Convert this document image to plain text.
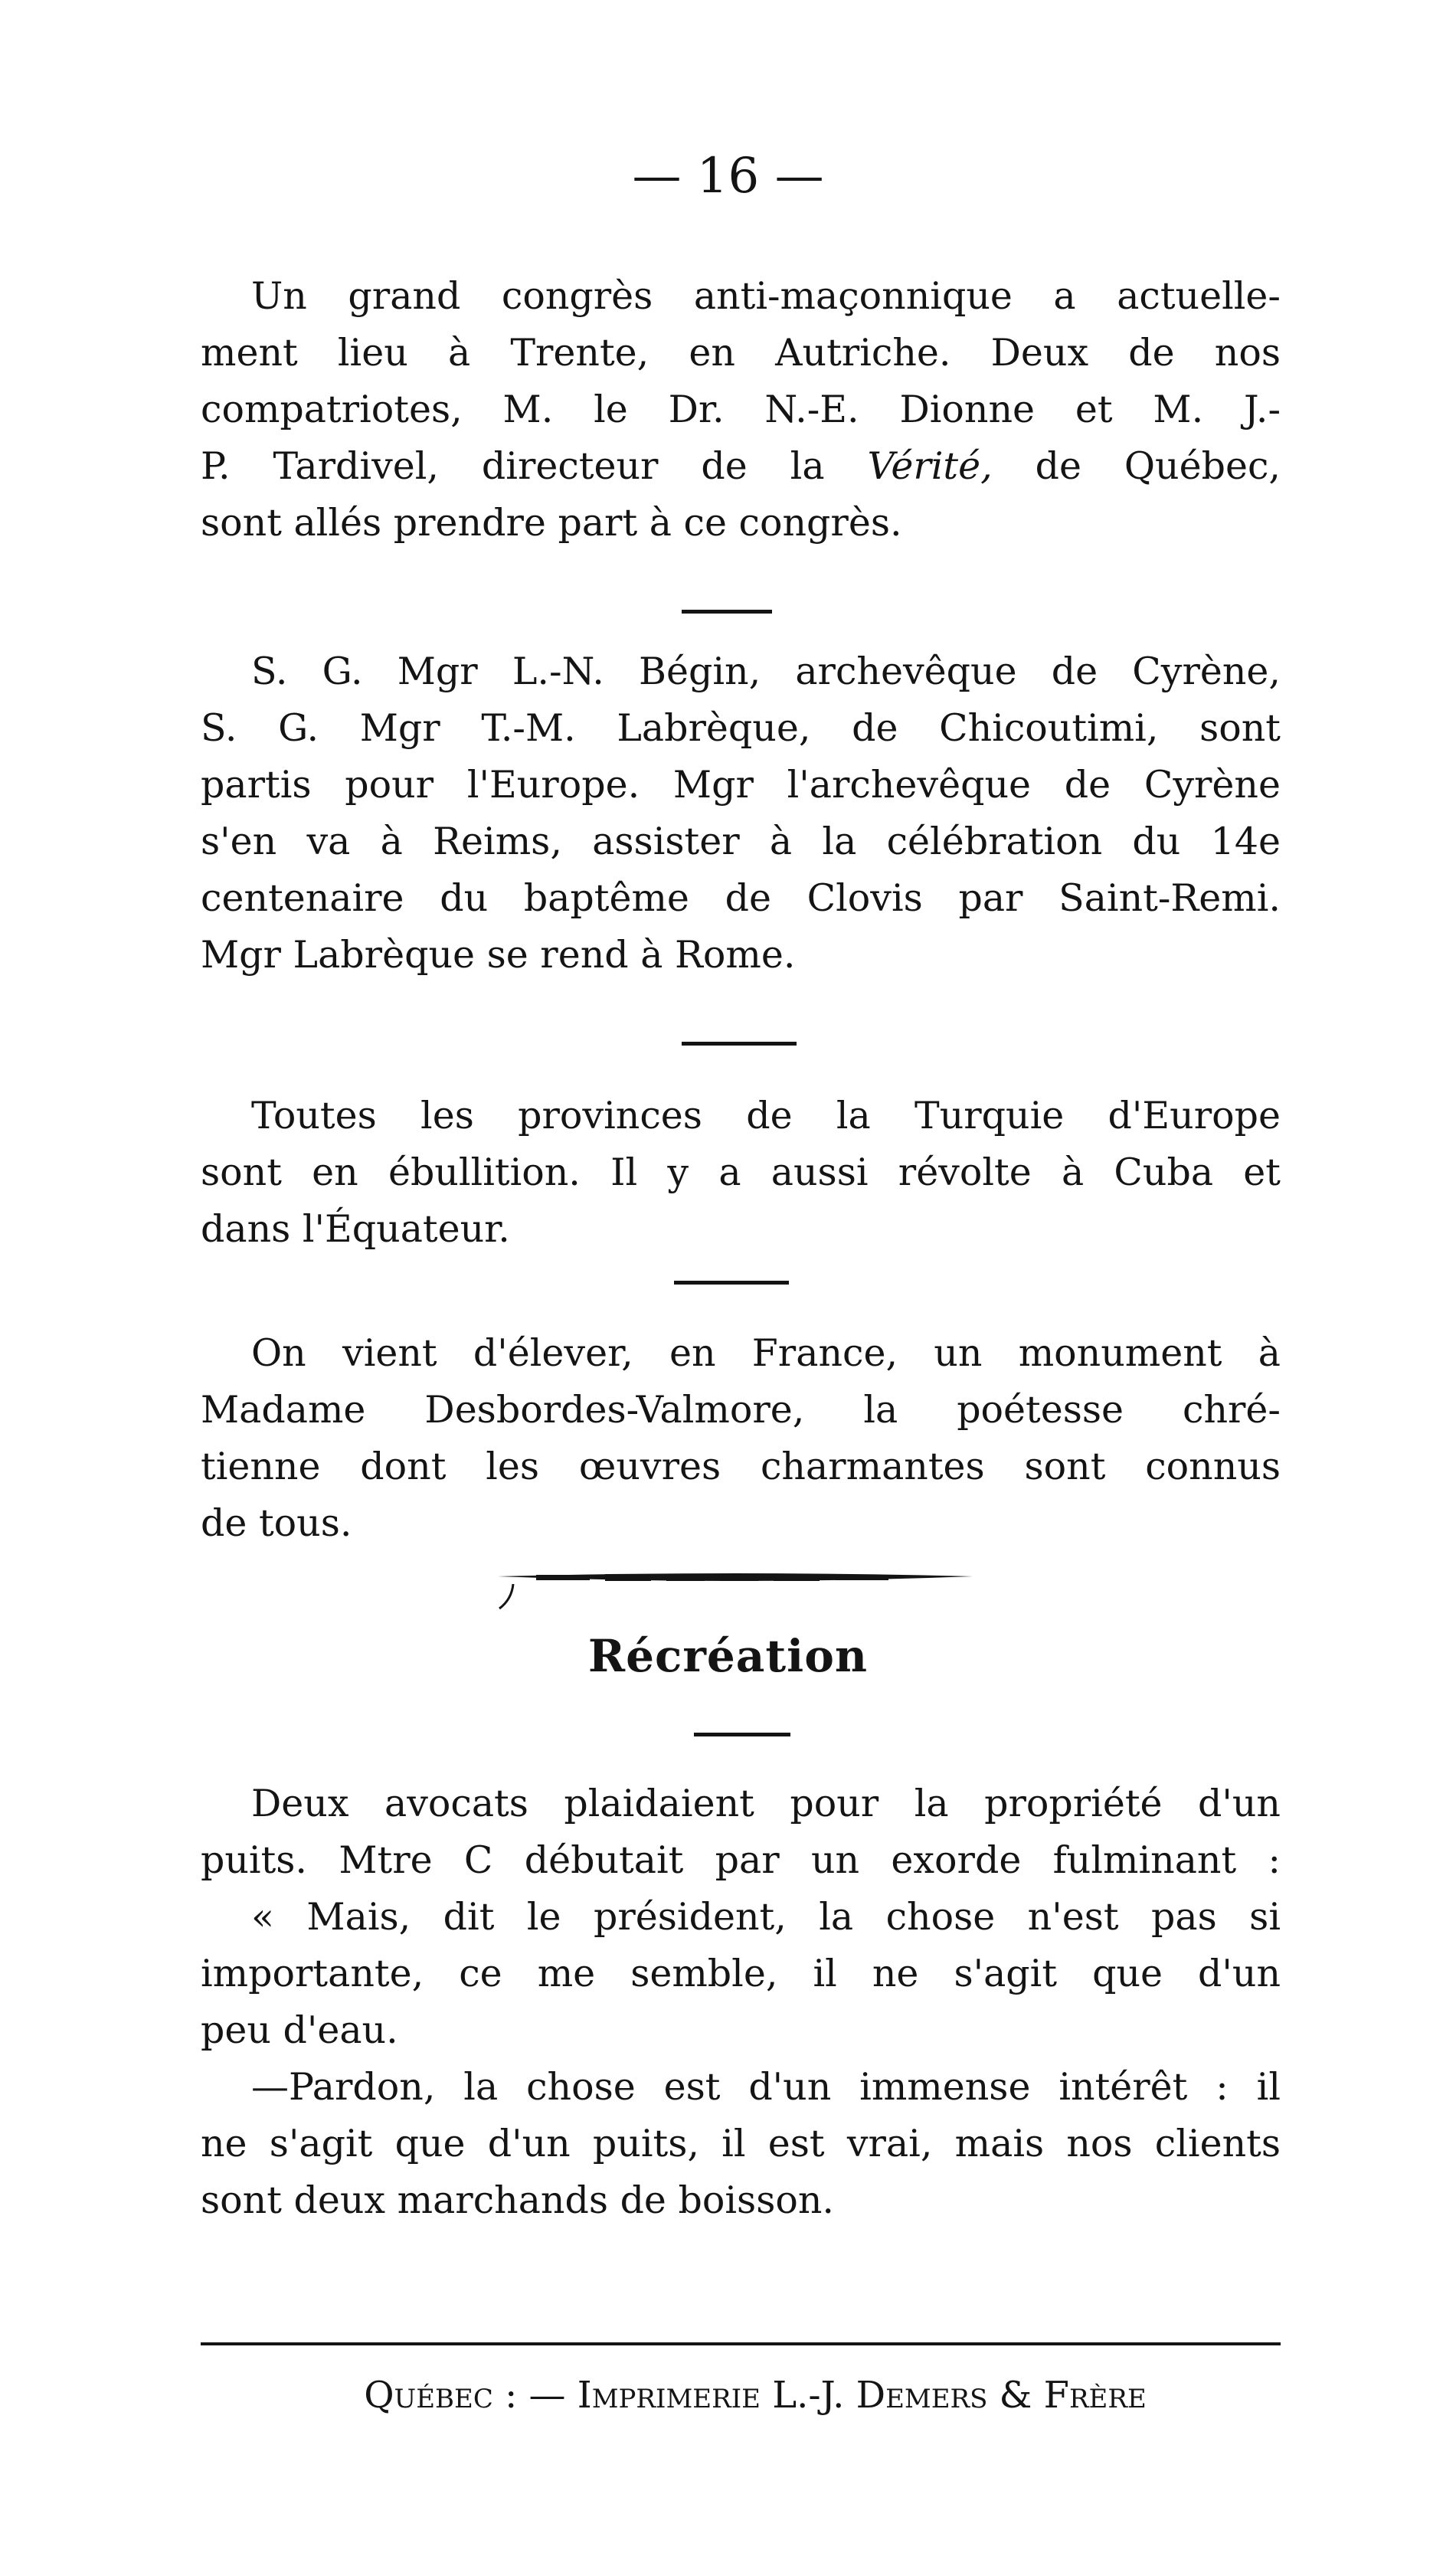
— 16 —
Un grand congrès anti-maçonnique a actuelle-
ment lieu à Trente, en Autriche. Deux de nos
compatriotes, M. le Dr. N.-E. Dionne et M. J.-
P. Tardivel, directeur de la Vérité, de Québec,
sont allés prendre part à ce congrès.
S. G. Mgr L.-N. Bégin, archevêque de Cyrène,
S. G. Mgr T.-M. Labrèque, de Chicoutimi, sont
partis pour l'Europe. Mgr l'archevêque de Cyrène
s'en va à Reims, assister à la célébration du 14e
centenaire du baptême de Clovis par Saint-Remi.
Mgr Labrèque se rend à Rome.
Toutes les provinces de la Turquie d'Europe
sont en ébullition. Il y a aussi révolte à Cuba et
dans l'Équateur.
On vient d'élever, en France, un monument à
Madame Desbordes-Valmore, la poétesse chré-
tienne dont les œuvres charmantes sont connus
de tous.
Récréation
Deux avocats plaidaient pour la propriété d'un
puits. Mtre C débutait par un exorde fulminant :
« Mais, dit le président, la chose n'est pas si
importante, ce me semble, il ne s'agit que d'un
peu d'eau.
—Pardon, la chose est d'un immense intérêt : il
ne s'agit que d'un puits, il est vrai, mais nos clients
sont deux marchands de boisson.
Québec : — Imprimerie L.-J. Demers & Frère
